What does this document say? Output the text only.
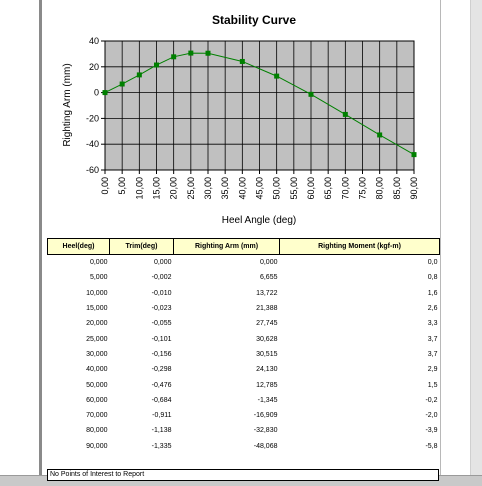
Stability Curve
40
20
0
-20
-40
-60
0,00 5,00 10,00 15,00 20,00 25,00 30,00 35,00 40,00 45,00 50,00 55,00 60,00 65,00 70,00 75,00 80,00 85,00 90,00
Heel Angle (deg)
Righting Arm (mm)
Heel(deg)	Trim(deg)	Righting Arm (mm)	Righting Moment (kgf-m)
0,000	0,000	0,000	0,0
5,000	-0,002	6,655	0,8
10,000	-0,010	13,722	1,6
15,000	-0,023	21,388	2,6
20,000	-0,055	27,745	3,3
25,000	-0,101	30,628	3,7
30,000	-0,156	30,515	3,7
40,000	-0,298	24,130	2,9
50,000	-0,476	12,785	1,5
60,000	-0,684	-1,345	-0,2
70,000	-0,911	-16,909	-2,0
80,000	-1,138	-32,830	-3,9
90,000	-1,335	-48,068	-5,8
No Points of Interest to Report
